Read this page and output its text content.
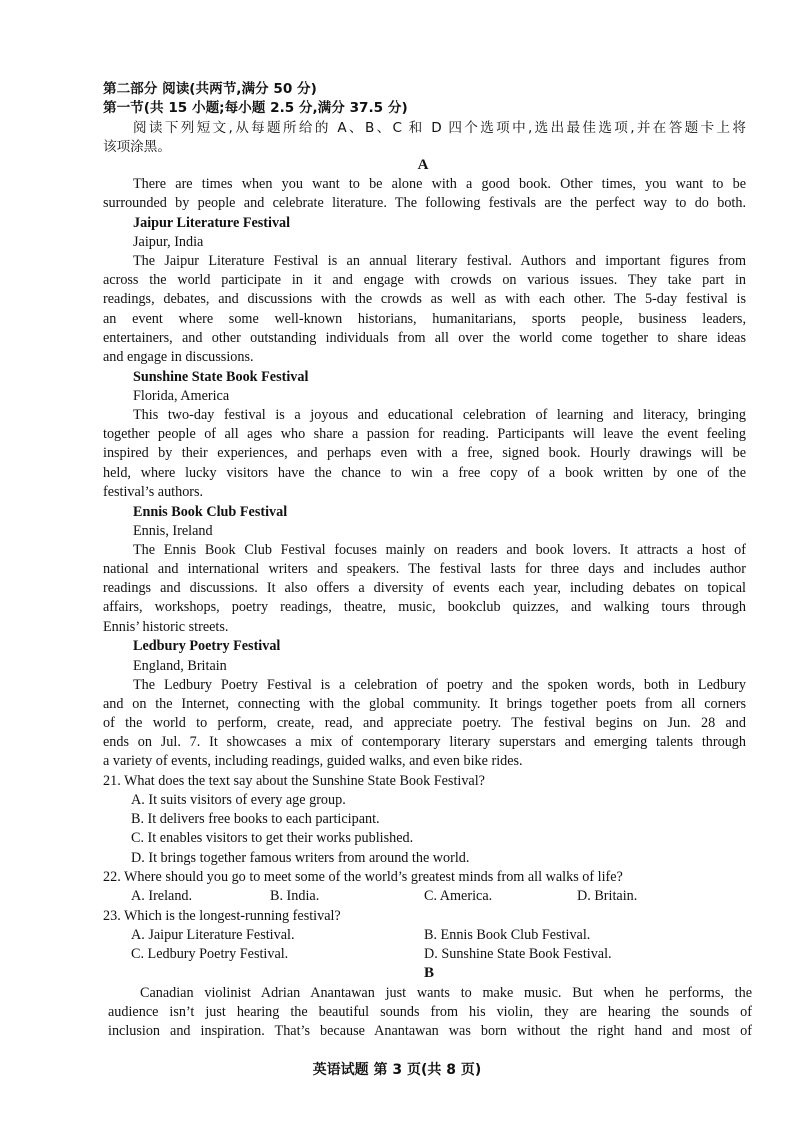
第二部分 阅读(共两节,满分 50 分)
第一节(共 15 小题;每小题 2.5 分,满分 37.5 分)
阅读下列短文,从每题所给的 A、B、C 和 D 四个选项中,选出最佳选项,并在答题卡上将
该项涂黑。
A
There are times when you want to be alone with a good book. Other times, you want to be
surrounded by people and celebrate literature. The following festivals are the perfect way to do both.
Jaipur Literature Festival
Jaipur, India
The Jaipur Literature Festival is an annual literary festival. Authors and important figures from
across the world participate in it and engage with crowds on various issues. They take part in
readings, debates, and discussions with the crowds as well as with each other. The 5-day festival is
an event where some well-known historians, humanitarians, sports people, business leaders,
entertainers, and other outstanding individuals from all over the world come together to share ideas
and engage in discussions.
Sunshine State Book Festival
Florida, America
This two-day festival is a joyous and educational celebration of learning and literacy, bringing
together people of all ages who share a passion for reading. Participants will leave the event feeling
inspired by their experiences, and perhaps even with a free, signed book. Hourly drawings will be
held, where lucky visitors have the chance to win a free copy of a book written by one of the
festival’s authors.
Ennis Book Club Festival
Ennis, Ireland
The Ennis Book Club Festival focuses mainly on readers and book lovers. It attracts a host of
national and international writers and speakers. The festival lasts for three days and includes author
readings and discussions. It also offers a diversity of events each year, including debates on topical
affairs, workshops, poetry readings, theatre, music, bookclub quizzes, and walking tours through
Ennis’ historic streets.
Ledbury Poetry Festival
England, Britain
The Ledbury Poetry Festival is a celebration of poetry and the spoken words, both in Ledbury
and on the Internet, connecting with the global community. It brings together poets from all corners
of the world to perform, create, read, and appreciate poetry. The festival begins on Jun. 28 and
ends on Jul. 7. It showcases a mix of contemporary literary superstars and emerging talents through
a variety of events, including readings, guided walks, and even bike rides.
21. What does the text say about the Sunshine State Book Festival?
A. It suits visitors of every age group.
B. It delivers free books to each participant.
C. It enables visitors to get their works published.
D. It brings together famous writers from around the world.
22. Where should you go to meet some of the world’s greatest minds from all walks of life?
A. Ireland.	B. India.	C. America.	D. Britain.
23. Which is the longest-running festival?
A. Jaipur Literature Festival.	B. Ennis Book Club Festival.
C. Ledbury Poetry Festival.	D. Sunshine State Book Festival.
B
Canadian violinist Adrian Anantawan just wants to make music. But when he performs, the
audience isn’t just hearing the beautiful sounds from his violin, they are hearing the sounds of
inclusion and inspiration. That’s because Anantawan was born without the right hand and most of
英语试题 第 3 页(共 8 页)
